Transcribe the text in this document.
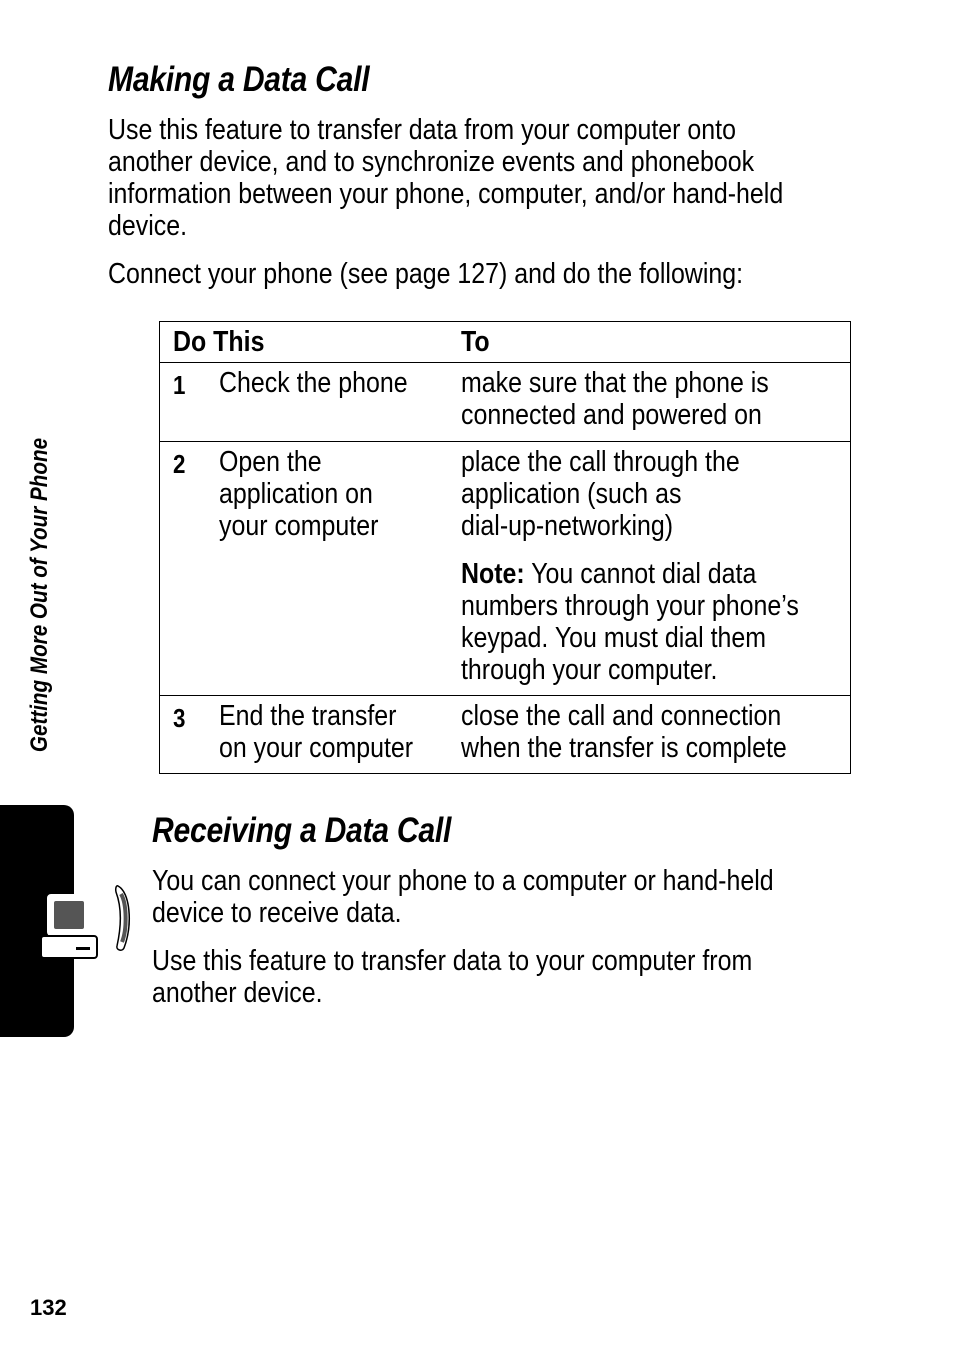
Making a Data Call

Use this feature to transfer data from your computer onto
another device, and to synchronize events and phonebook
information between your phone, computer, and/or hand-held
device.

Connect your phone (see page 127) and do the following:

Do This	To
1 Check the phone	make sure that the phone is
connected and powered on
2 Open the
application on
your computer
place the call through the
application (such as
dial-up-networking)
Note: You cannot dial data
numbers through your phone’s
keypad. You must dial them
through your computer.
3 End the transfer
on your computer
close the call and connection
when the transfer is complete
Receiving a Data Call

You can connect your phone to a computer or hand-held
device to receive data.

Use this feature to transfer data to your computer from
another device.

Getting More Out of Your Phone
132
